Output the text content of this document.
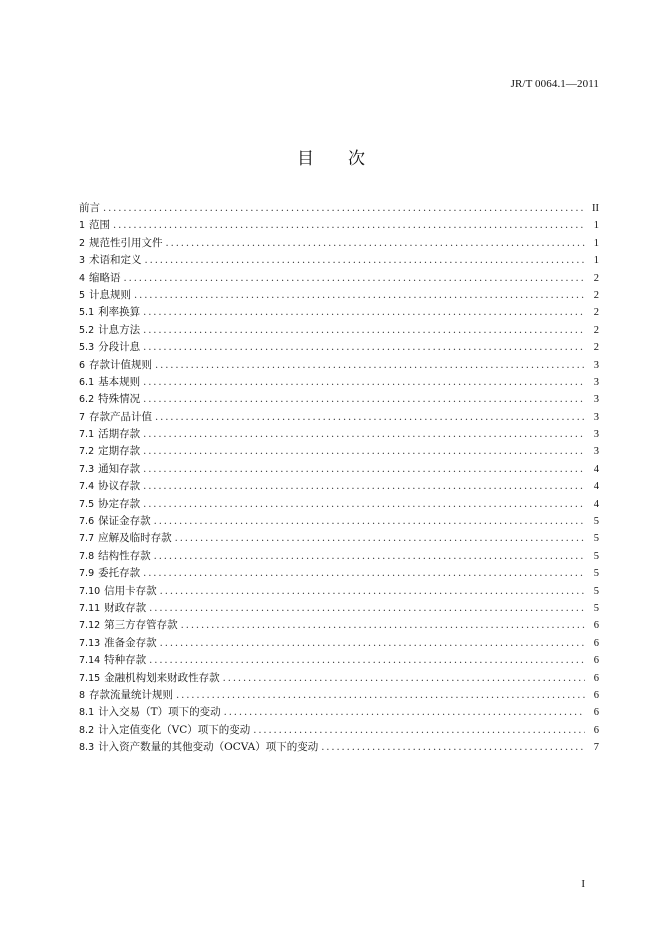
JR/T 0064.1—2011
目 次
前言 .....	II
1 范围 .....	1
2 规范性引用文件 .....	1
3 术语和定义 .....	1
4 缩略语 .....	2
5 计息规则 .....	2
5.1 利率换算 .....	2
5.2 计息方法 .....	2
5.3 分段计息 .....	2
6 存款计值规则 .....	3
6.1 基本规则 .....	3
6.2 特殊情况 .....	3
7 存款产品计值 .....	3
7.1 活期存款 .....	3
7.2 定期存款 .....	3
7.3 通知存款 .....	4
7.4 协议存款 .....	4
7.5 协定存款 .....	4
7.6 保证金存款 .....	5
7.7 应解及临时存款 .....	5
7.8 结构性存款 .....	5
7.9 委托存款 .....	5
7.10 信用卡存款 .....	5
7.11 财政存款 .....	5
7.12 第三方存管存款 .....	6
7.13 准备金存款 .....	6
7.14 特种存款 .....	6
7.15 金融机构划来财政性存款 .....	6
8 存款流量统计规则 .....	6
8.1 计入交易（T）项下的变动 .....	6
8.2 计入定值变化（VC）项下的变动 .....	6
8.3 计入资产数量的其他变动（OCVA）项下的变动 .....	7
I
